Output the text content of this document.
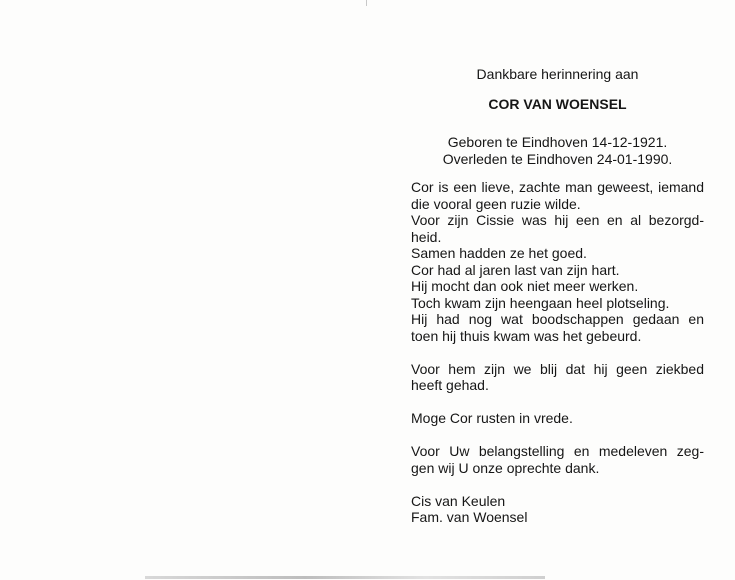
Dankbare herinnering aan
COR VAN WOENSEL
Geboren te Eindhoven 14-12-1921.
Overleden te Eindhoven 24-01-1990.
Cor is een lieve, zachte man geweest, iemand
die vooral geen ruzie wilde.
Voor zijn Cissie was hij een en al bezorgd-
heid.
Samen hadden ze het goed.
Cor had al jaren last van zijn hart.
Hij mocht dan ook niet meer werken.
Toch kwam zijn heengaan heel plotseling.
Hij had nog wat boodschappen gedaan en
toen hij thuis kwam was het gebeurd.
Voor hem zijn we blij dat hij geen ziekbed
heeft gehad.
Moge Cor rusten in vrede.
Voor Uw belangstelling en medeleven zeg-
gen wij U onze oprechte dank.
Cis van Keulen
Fam. van Woensel
